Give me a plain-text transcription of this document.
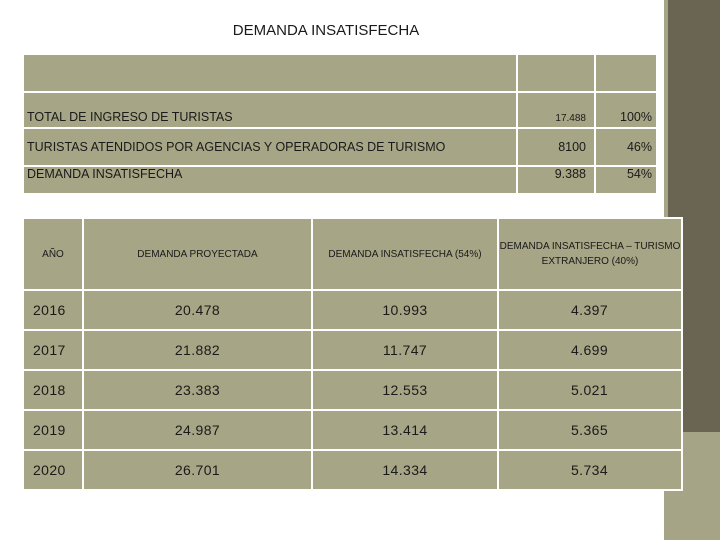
DEMANDA INSATISFECHA

TOTAL DE INGRESO DE TURISTAS	17.488	100%
TURISTAS ATENDIDOS POR AGENCIAS Y OPERADORAS DE TURISMO	8100	46%
DEMANDA INSATISFECHA	9.388	54%
AÑO	DEMANDA PROYECTADA	DEMANDA INSATISFECHA (54%)	DEMANDA INSATISFECHA – TURISMO EXTRANJERO (40%)
2016	20.478	10.993	4.397
2017	21.882	11.747	4.699
2018	23.383	12.553	5.021
2019	24.987	13.414	5.365
2020	26.701	14.334	5.734
